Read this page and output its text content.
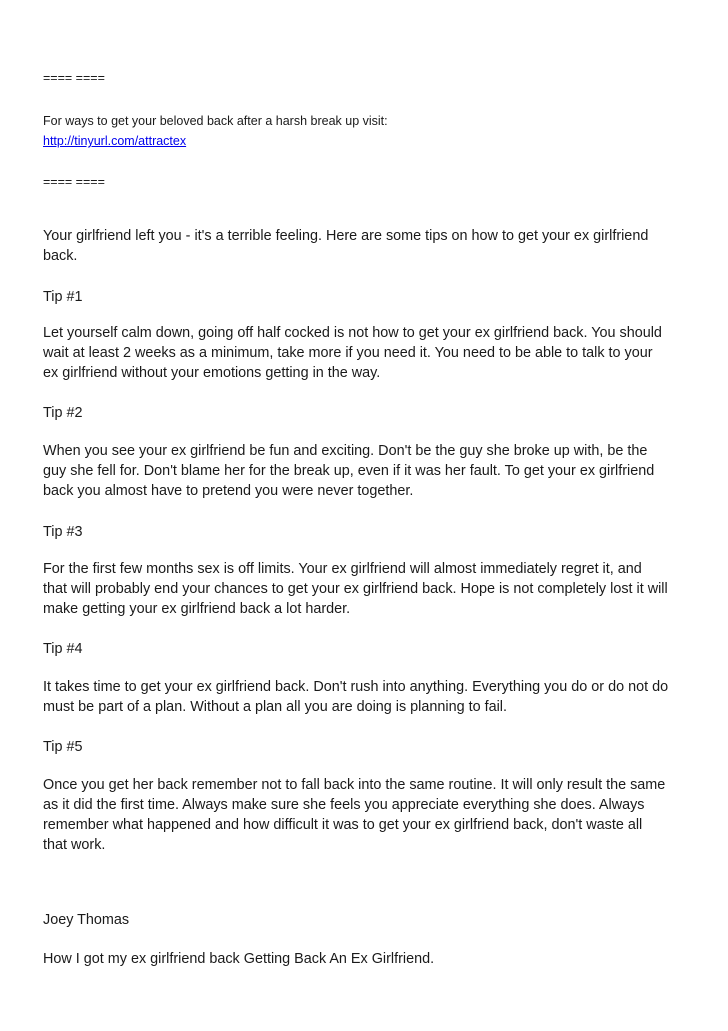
==== ====

For ways to get your beloved back after a harsh break up visit:

http://tinyurl.com/attractex

==== ====

Your girlfriend left you - it's a terrible feeling. Here are some tips on how to get your ex girlfriend

back.

Tip #1

Let yourself calm down, going off half cocked is not how to get your ex girlfriend back. You should

wait at least 2 weeks as a minimum, take more if you need it. You need to be able to talk to your

ex girlfriend without your emotions getting in the way.

Tip #2

When you see your ex girlfriend be fun and exciting. Don't be the guy she broke up with, be the

guy she fell for. Don't blame her for the break up, even if it was her fault. To get your ex girlfriend

back you almost have to pretend you were never together.

Tip #3

For the first few months sex is off limits. Your ex girlfriend will almost immediately regret it, and

that will probably end your chances to get your ex girlfriend back. Hope is not completely lost it will

make getting your ex girlfriend back a lot harder.

Tip #4

It takes time to get your ex girlfriend back. Don't rush into anything. Everything you do or do not do

must be part of a plan. Without a plan all you are doing is planning to fail.

Tip #5

Once you get her back remember not to fall back into the same routine. It will only result the same

as it did the first time. Always make sure she feels you appreciate everything she does. Always

remember what happened and how difficult it was to get your ex girlfriend back, don't waste all

that work.

Joey Thomas

How I got my ex girlfriend back Getting Back An Ex Girlfriend.
